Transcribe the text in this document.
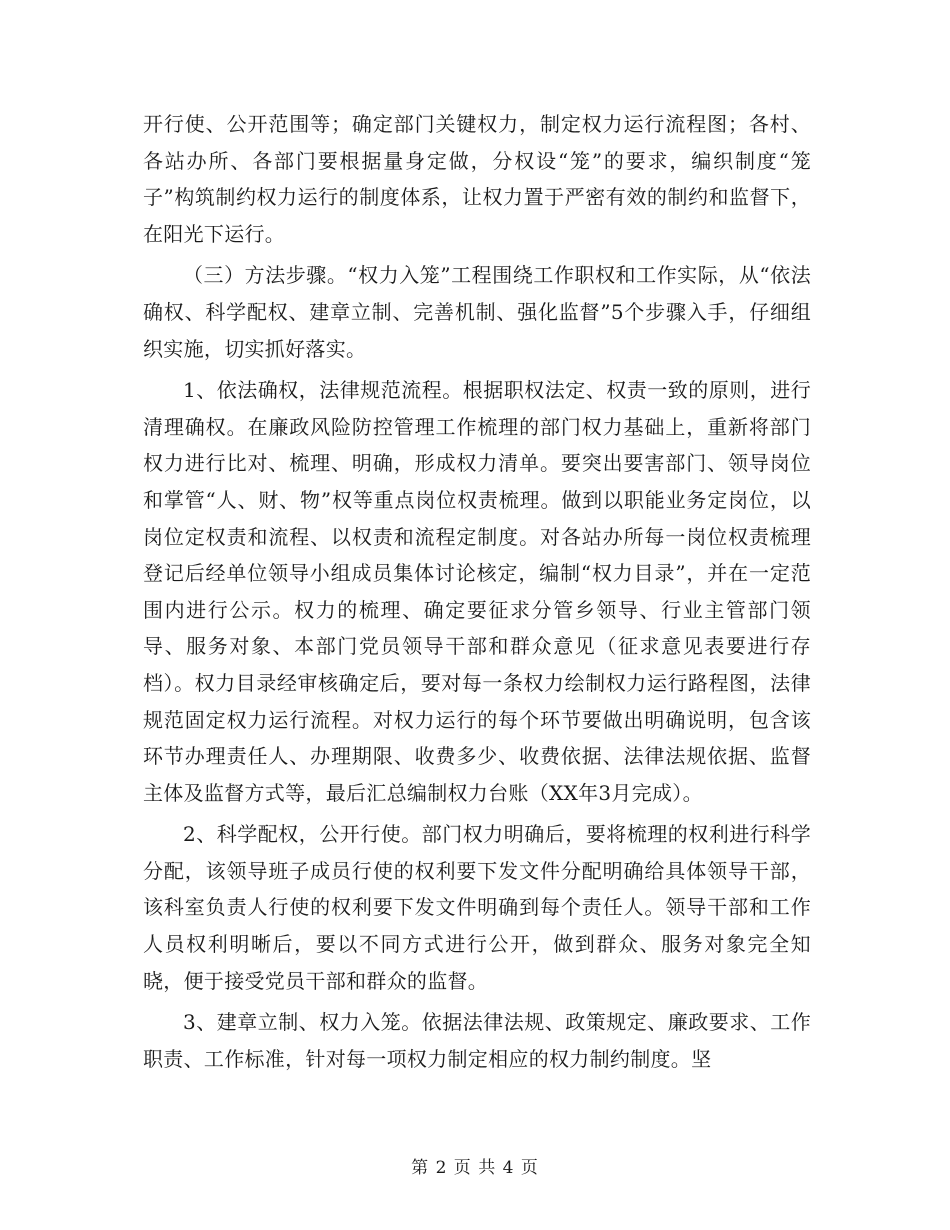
开行使、公开范围等；确定部门关键权力，制定权力运行流程图；各村、各站办所、各部门要根据量身定做，分权设“笼”的要求，编织制度“笼子”构筑制约权力运行的制度体系，让权力置于严密有效的制约和监督下，在阳光下运行。

（三）方法步骤。“权力入笼”工程围绕工作职权和工作实际，从“依法确权、科学配权、建章立制、完善机制、强化监督”5个步骤入手，仔细组织实施，切实抓好落实。

1、依法确权，法律规范流程。根据职权法定、权责一致的原则，进行清理确权。在廉政风险防控管理工作梳理的部门权力基础上，重新将部门权力进行比对、梳理、明确，形成权力清单。要突出要害部门、领导岗位和掌管“人、财、物”权等重点岗位权责梳理。做到以职能业务定岗位，以岗位定权责和流程、以权责和流程定制度。对各站办所每一岗位权责梳理登记后经单位领导小组成员集体讨论核定，编制“权力目录”，并在一定范围内进行公示。权力的梳理、确定要征求分管乡领导、行业主管部门领导、服务对象、本部门党员领导干部和群众意见（征求意见表要进行存档）。权力目录经审核确定后，要对每一条权力绘制权力运行路程图，法律规范固定权力运行流程。对权力运行的每个环节要做出明确说明，包含该环节办理责任人、办理期限、收费多少、收费依据、法律法规依据、监督主体及监督方式等，最后汇总编制权力台账（XX年3月完成）。

2、科学配权，公开行使。部门权力明确后，要将梳理的权利进行科学分配，该领导班子成员行使的权利要下发文件分配明确给具体领导干部，该科室负责人行使的权利要下发文件明确到每个责任人。领导干部和工作人员权利明晰后，要以不同方式进行公开，做到群众、服务对象完全知晓，便于接受党员干部和群众的监督。

3、建章立制、权力入笼。依据法律法规、政策规定、廉政要求、工作职责、工作标准，针对每一项权力制定相应的权力制约制度。坚

第 2 页 共 4 页
